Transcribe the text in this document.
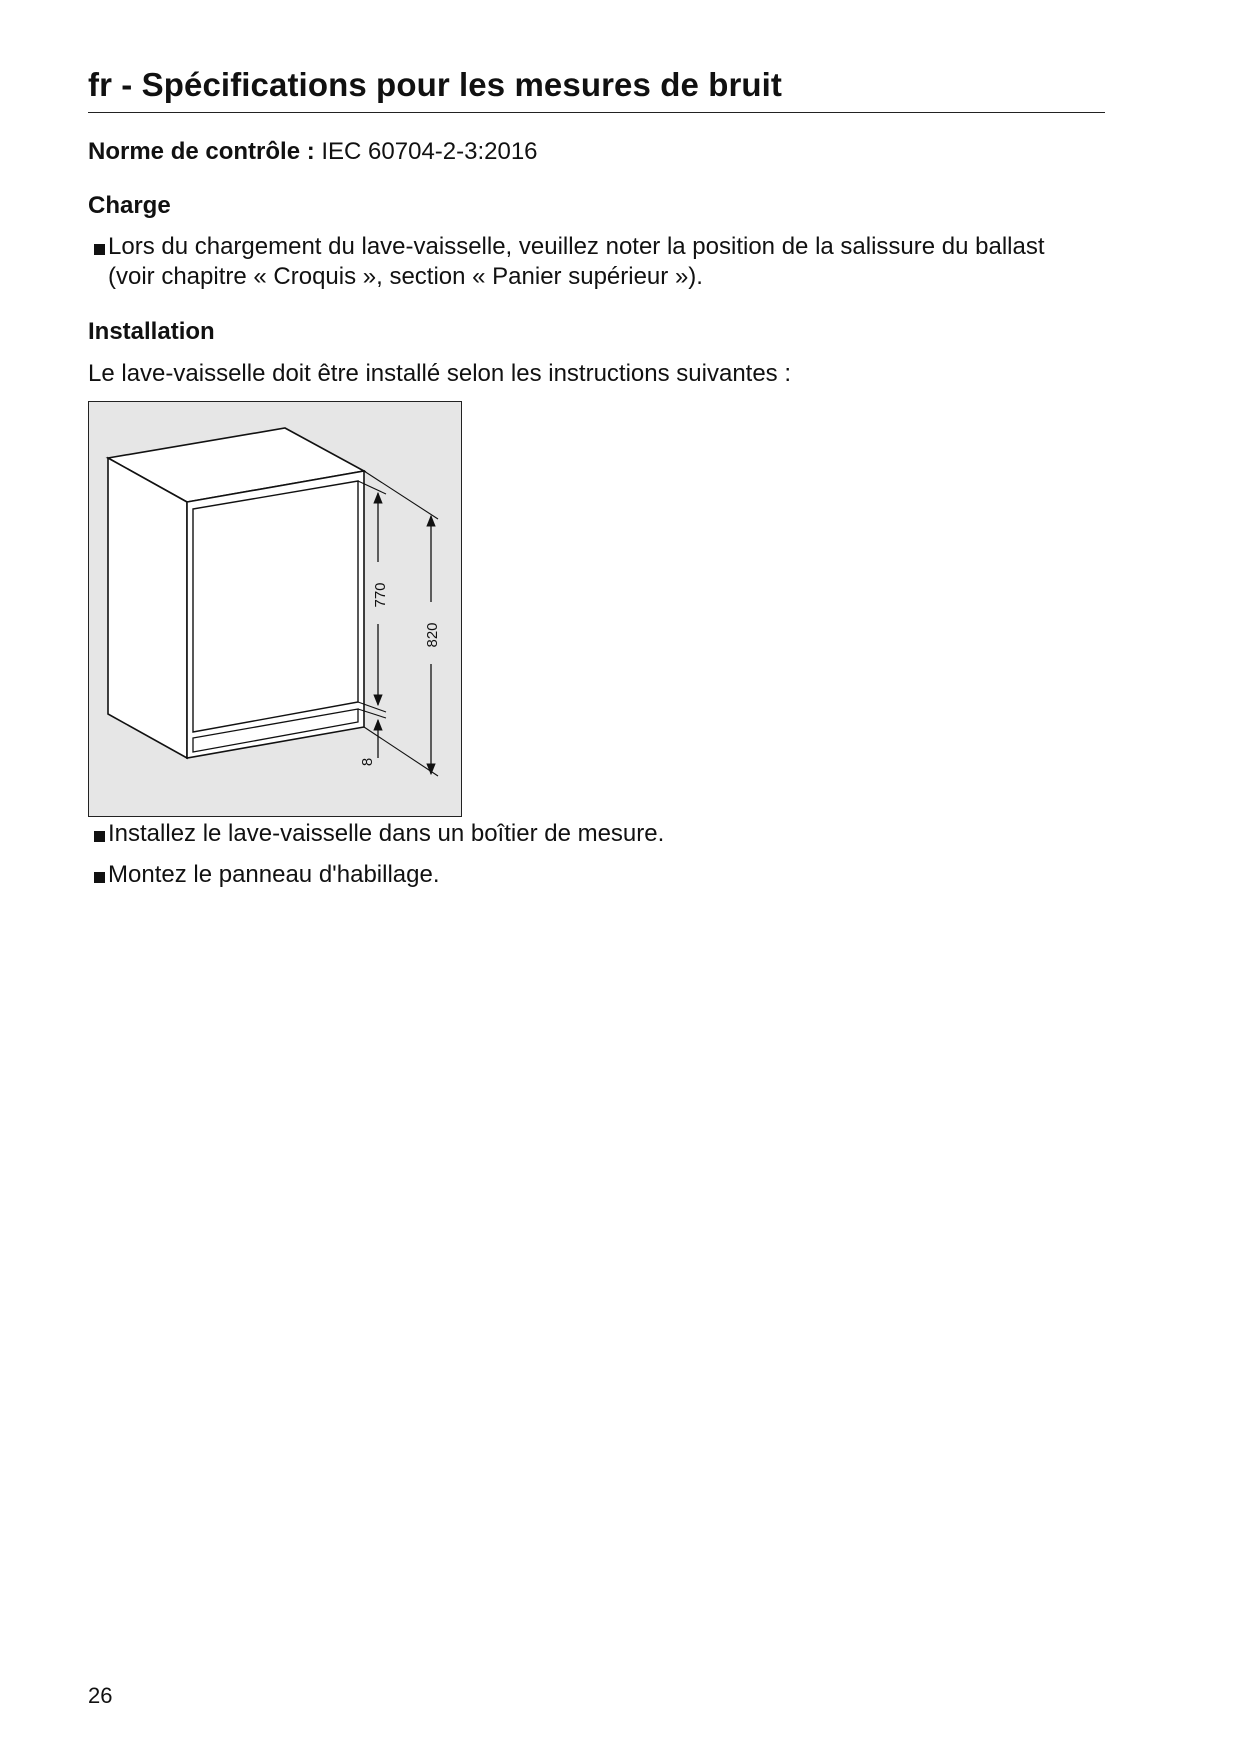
fr - Spécifications pour les mesures de bruit
Norme de contrôle : IEC 60704-2-3:2016
Charge
Lors du chargement du lave-vaisselle, veuillez noter la position de la salissure du ballast
(voir chapitre « Croquis », section « Panier supérieur »).
Installation
Le lave-vaisselle doit être installé selon les instructions suivantes :
770
820
8
Installez le lave-vaisselle dans un boîtier de mesure.
Montez le panneau d'habillage.
26
